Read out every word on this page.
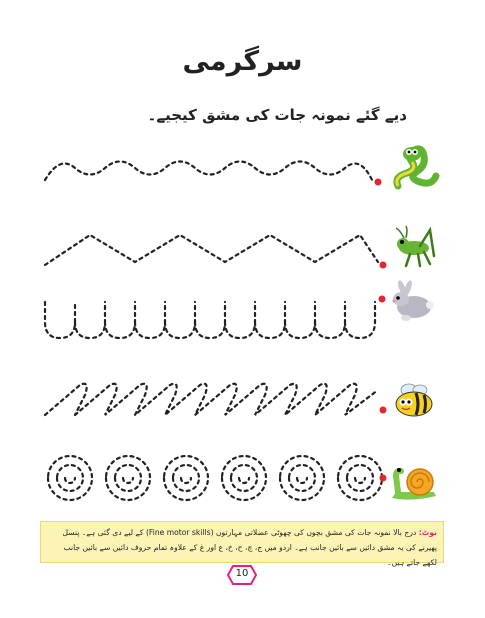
سرگرمی
دیے گئے نمونہ جات کی مشق کیجیے۔
نوٹ: درج بالا نمونہ جات کی مشق بچوں کی چھوٹی عضلاتی مہارتوں (Fine motor skills) کے لیے دی گئی ہے۔ پنسل پھیرنے کی یہ مشق دائیں سے بائیں جانب ہے۔ اردو میں ج، چ، ح، خ، ع اور غ کے علاوہ تمام حروف دائیں سے بائیں جانب لکھے جاتے ہیں۔
10
